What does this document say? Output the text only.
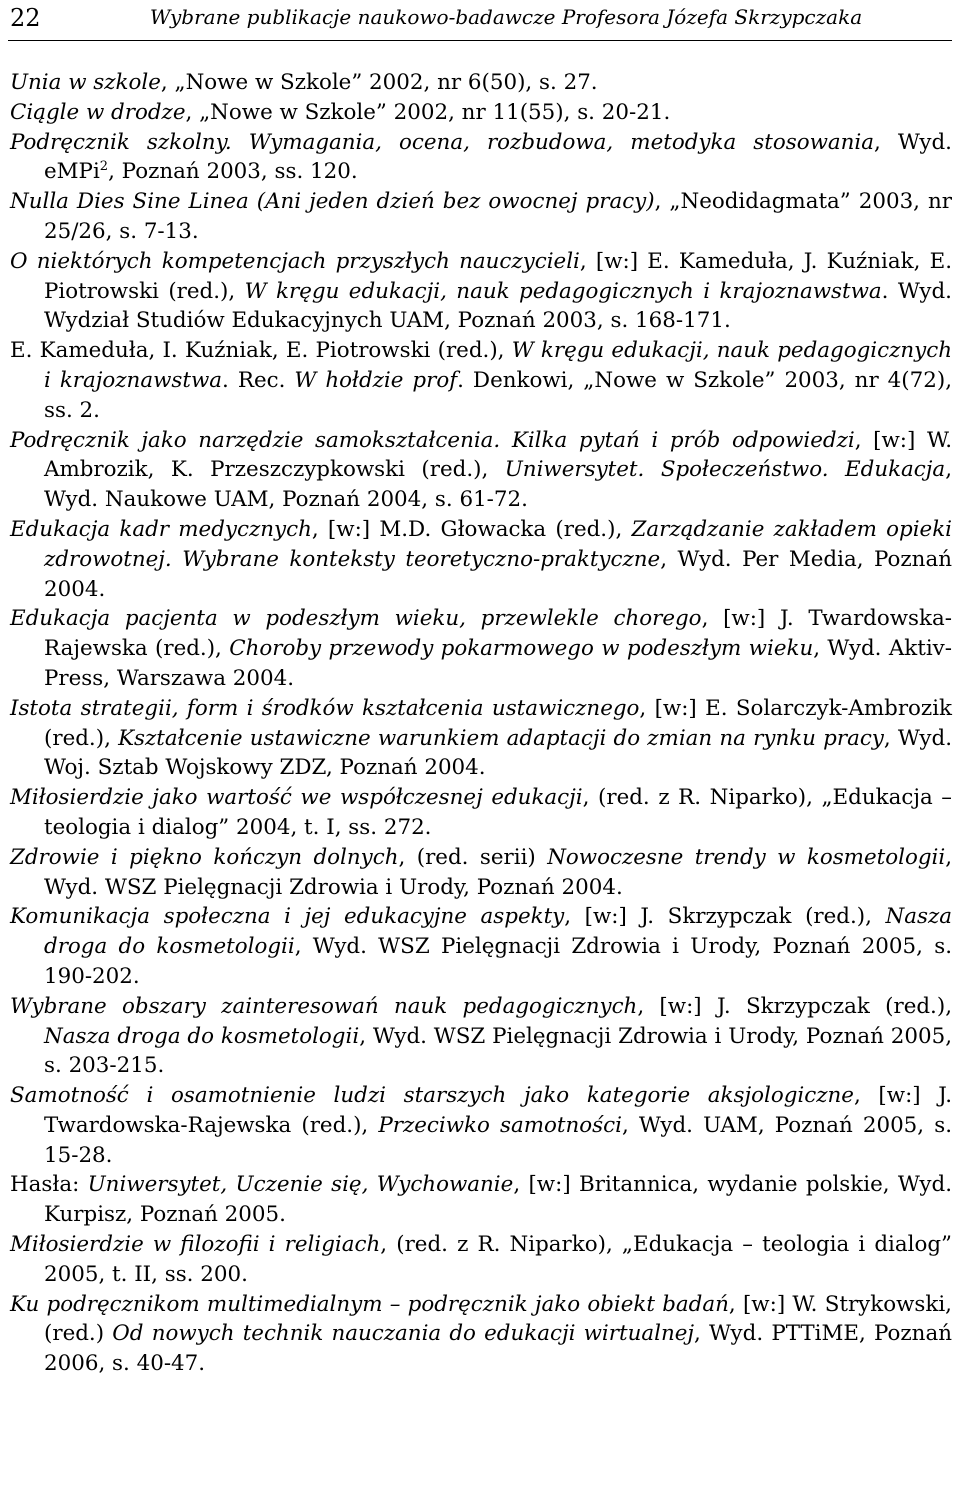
22	Wybrane publikacje naukowo-badawcze Profesora Józefa Skrzypczaka

Unia w szkole, „Nowe w Szkole” 2002, nr 6(50), s. 27.

Ciągle w drodze, „Nowe w Szkole” 2002, nr 11(55), s. 20-21.

Podręcznik szkolny. Wymagania, ocena, rozbudowa, metodyka stosowania, Wyd. eMPi$^2$, Poznań 2003, ss. 120.

Nulla Dies Sine Linea (Ani jeden dzień bez owocnej pracy), „Neodidagmata” 2003, nr 25/26, s. 7-13.

O niektórych kompetencjach przyszłych nauczycieli, [w:] E. Kameduła, J. Kuźniak, E. Piotrowski (red.), W kręgu edukacji, nauk pedagogicznych i krajoznawstwa. Wyd. Wydział Studiów Edukacyjnych UAM, Poznań 2003, s. 168-171.

E. Kameduła, I. Kuźniak, E. Piotrowski (red.), W kręgu edukacji, nauk pedagogicznych i krajoznawstwa. Rec. W hołdzie prof. Denkowi, „Nowe w Szkole” 2003, nr 4(72), ss. 2.

Podręcznik jako narzędzie samokształcenia. Kilka pytań i prób odpowiedzi, [w:] W. Ambrozik, K. Przeszczypkowski (red.), Uniwersytet. Społeczeństwo. Edukacja, Wyd. Naukowe UAM, Poznań 2004, s. 61-72.

Edukacja kadr medycznych, [w:] M.D. Głowacka (red.), Zarządzanie zakładem opieki zdrowotnej. Wybrane konteksty teoretyczno-praktyczne, Wyd. Per Media, Poznań 2004.

Edukacja pacjenta w podeszłym wieku, przewlekle chorego, [w:] J. Twardowska-Rajewska (red.), Choroby przewody pokarmowego w podeszłym wieku, Wyd. Aktiv-Press, Warszawa 2004.

Istota strategii, form i środków kształcenia ustawicznego, [w:] E. Solarczyk-Ambrozik (red.), Kształcenie ustawiczne warunkiem adaptacji do zmian na rynku pracy, Wyd. Woj. Sztab Wojskowy ZDZ, Poznań 2004.

Miłosierdzie jako wartość we współczesnej edukacji, (red. z R. Niparko), „Edukacja – teologia i dialog” 2004, t. I, ss. 272.

Zdrowie i piękno kończyn dolnych, (red. serii) Nowoczesne trendy w kosmetologii, Wyd. WSZ Pielęgnacji Zdrowia i Urody, Poznań 2004.

Komunikacja społeczna i jej edukacyjne aspekty, [w:] J. Skrzypczak (red.), Nasza droga do kosmetologii, Wyd. WSZ Pielęgnacji Zdrowia i Urody, Poznań 2005, s. 190-202.

Wybrane obszary zainteresowań nauk pedagogicznych, [w:] J. Skrzypczak (red.), Nasza droga do kosmetologii, Wyd. WSZ Pielęgnacji Zdrowia i Urody, Poznań 2005, s. 203-215.

Samotność i osamotnienie ludzi starszych jako kategorie aksjologiczne, [w:] J. Twardowska-Rajewska (red.), Przeciwko samotności, Wyd. UAM, Poznań 2005, s. 15-28.

Hasła: Uniwersytet, Uczenie się, Wychowanie, [w:] Britannica, wydanie polskie, Wyd. Kurpisz, Poznań 2005.

Miłosierdzie w filozofii i religiach, (red. z R. Niparko), „Edukacja – teologia i dialog” 2005, t. II, ss. 200.

Ku podręcznikom multimedialnym – podręcznik jako obiekt badań, [w:] W. Strykowski, (red.) Od nowych technik nauczania do edukacji wirtualnej, Wyd. PTTiME, Poznań 2006, s. 40-47.
